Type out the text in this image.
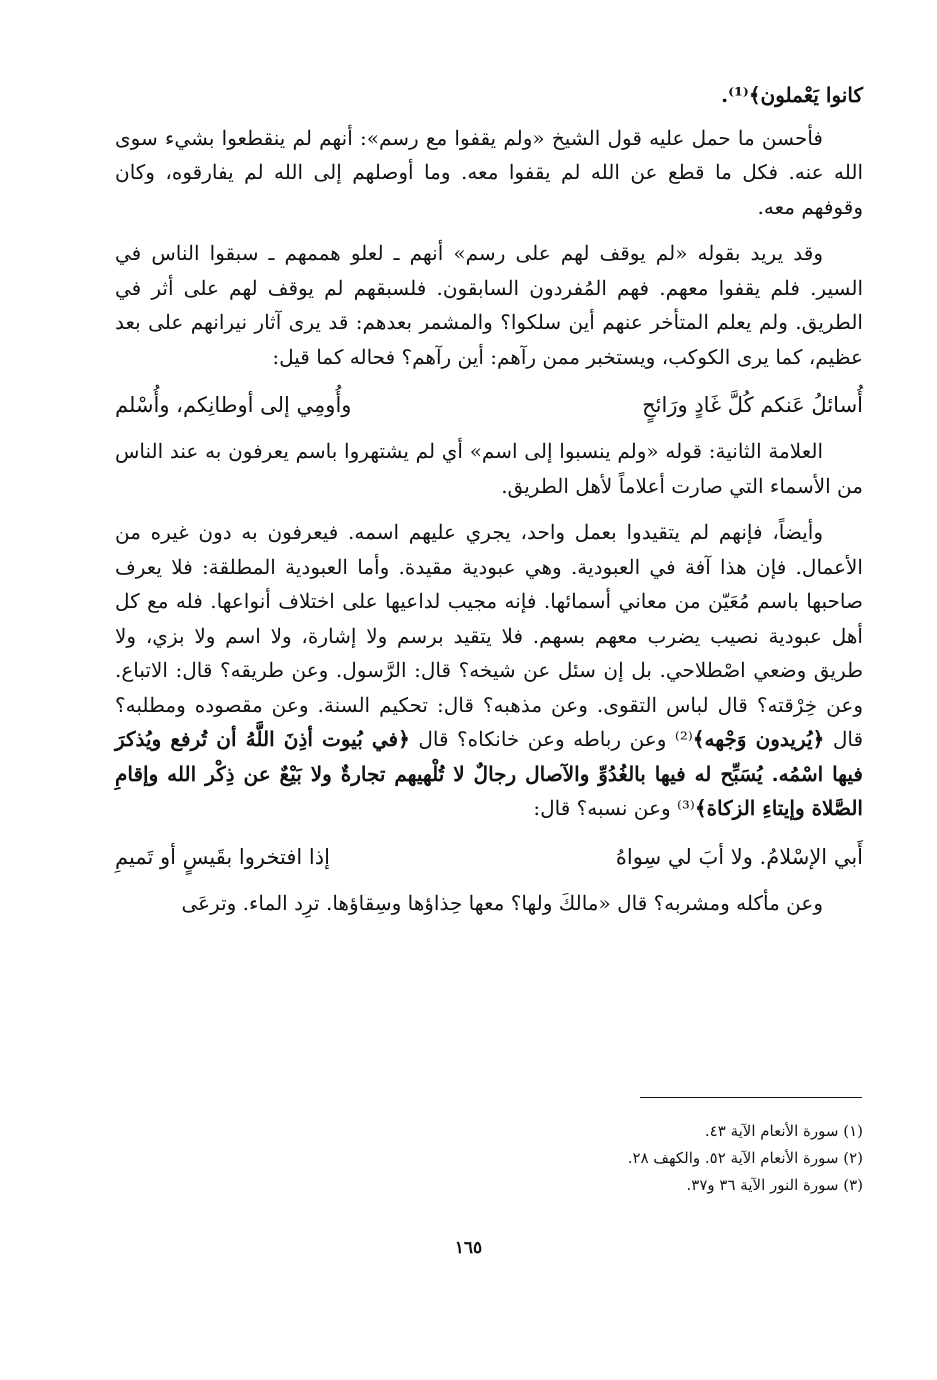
كانوا يَعْملون﴾⁽¹⁾.

فأحسن ما حمل عليه قول الشيخ «ولم يقفوا مع رسم»: أنهم لم ينقطعوا بشيء سوى الله عنه. فكل ما قطع عن الله لم يقفوا معه. وما أوصلهم إلى الله لم يفارقوه، وكان وقوفهم معه.

وقد يريد بقوله «لم يوقف لهم على رسم» أنهم ـ لعلو هممهم ـ سبقوا الناس في السير. فلم يقفوا معهم. فهم المُفردون السابقون. فلسبقهم لم يوقف لهم على أثر في الطريق. ولم يعلم المتأخر عنهم أين سلكوا؟ والمشمر بعدهم: قد يرى آثار نيرانهم على بعد عظيم، كما يرى الكوكب، ويستخبر ممن رآهم: أين رآهم؟ فحاله كما قيل:

أُسائلُ عَنكم كُلَّ غَادٍ ورَائحٍ
وأُومِي إلى أوطانِكم، وأُسْلم

العلامة الثانية: قوله «ولم ينسبوا إلى اسم» أي لم يشتهروا باسم يعرفون به عند الناس من الأسماء التي صارت أعلاماً لأهل الطريق.

وأيضاً، فإنهم لم يتقيدوا بعمل واحد، يجري عليهم اسمه. فيعرفون به دون غيره من الأعمال. فإن هذا آفة في العبودية. وهي عبودية مقيدة. وأما العبودية المطلقة: فلا يعرف صاحبها باسم مُعَيّن من معاني أسمائها. فإنه مجيب لداعيها على اختلاف أنواعها. فله مع كل أهل عبودية نصيب يضرب معهم بسهم. فلا يتقيد برسم ولا إشارة، ولا اسم ولا بزي، ولا طريق وضعي اصْطلاحي. بل إن سئل عن شيخه؟ قال: الرَّسول. وعن طريقه؟ قال: الاتباع. وعن خِرْقته؟ قال لباس التقوى. وعن مذهبه؟ قال: تحكيم السنة. وعن مقصوده ومطلبه؟ قال ﴿يُريدون وَجْهه﴾⁽²⁾ وعن رباطه وعن خانكاه؟ قال ﴿في بُيوت أذِنَ اللَّهُ أن تُرفع ويُذكرَ فيها اسْمُه. يُسَبِّح له فيها بالغُدُوِّ والآصال رجالٌ لا تُلْهيهم تجارةٌ ولا بَيْعٌ عن ذِكْر الله وإقامِ الصَّلاة وإيتاءِ الزكاة﴾⁽³⁾ وعن نسبه؟ قال:

أَبي الإسْلامُ. ولا أبَ لي سِواهُ
إذا افتخروا بقَيسٍ أو تَميمِ

وعن مأكله ومشربه؟ قال «مالكَ ولها؟ معها حِذاؤها وسِقاؤها. ترِد الماء. وترعَى

(١) سورة الأنعام الآية ٤٣.

(٢) سورة الأنعام الآية ٥٢. والكهف ٢٨.

(٣) سورة النور الآية ٣٦ و٣٧.

١٦٥
